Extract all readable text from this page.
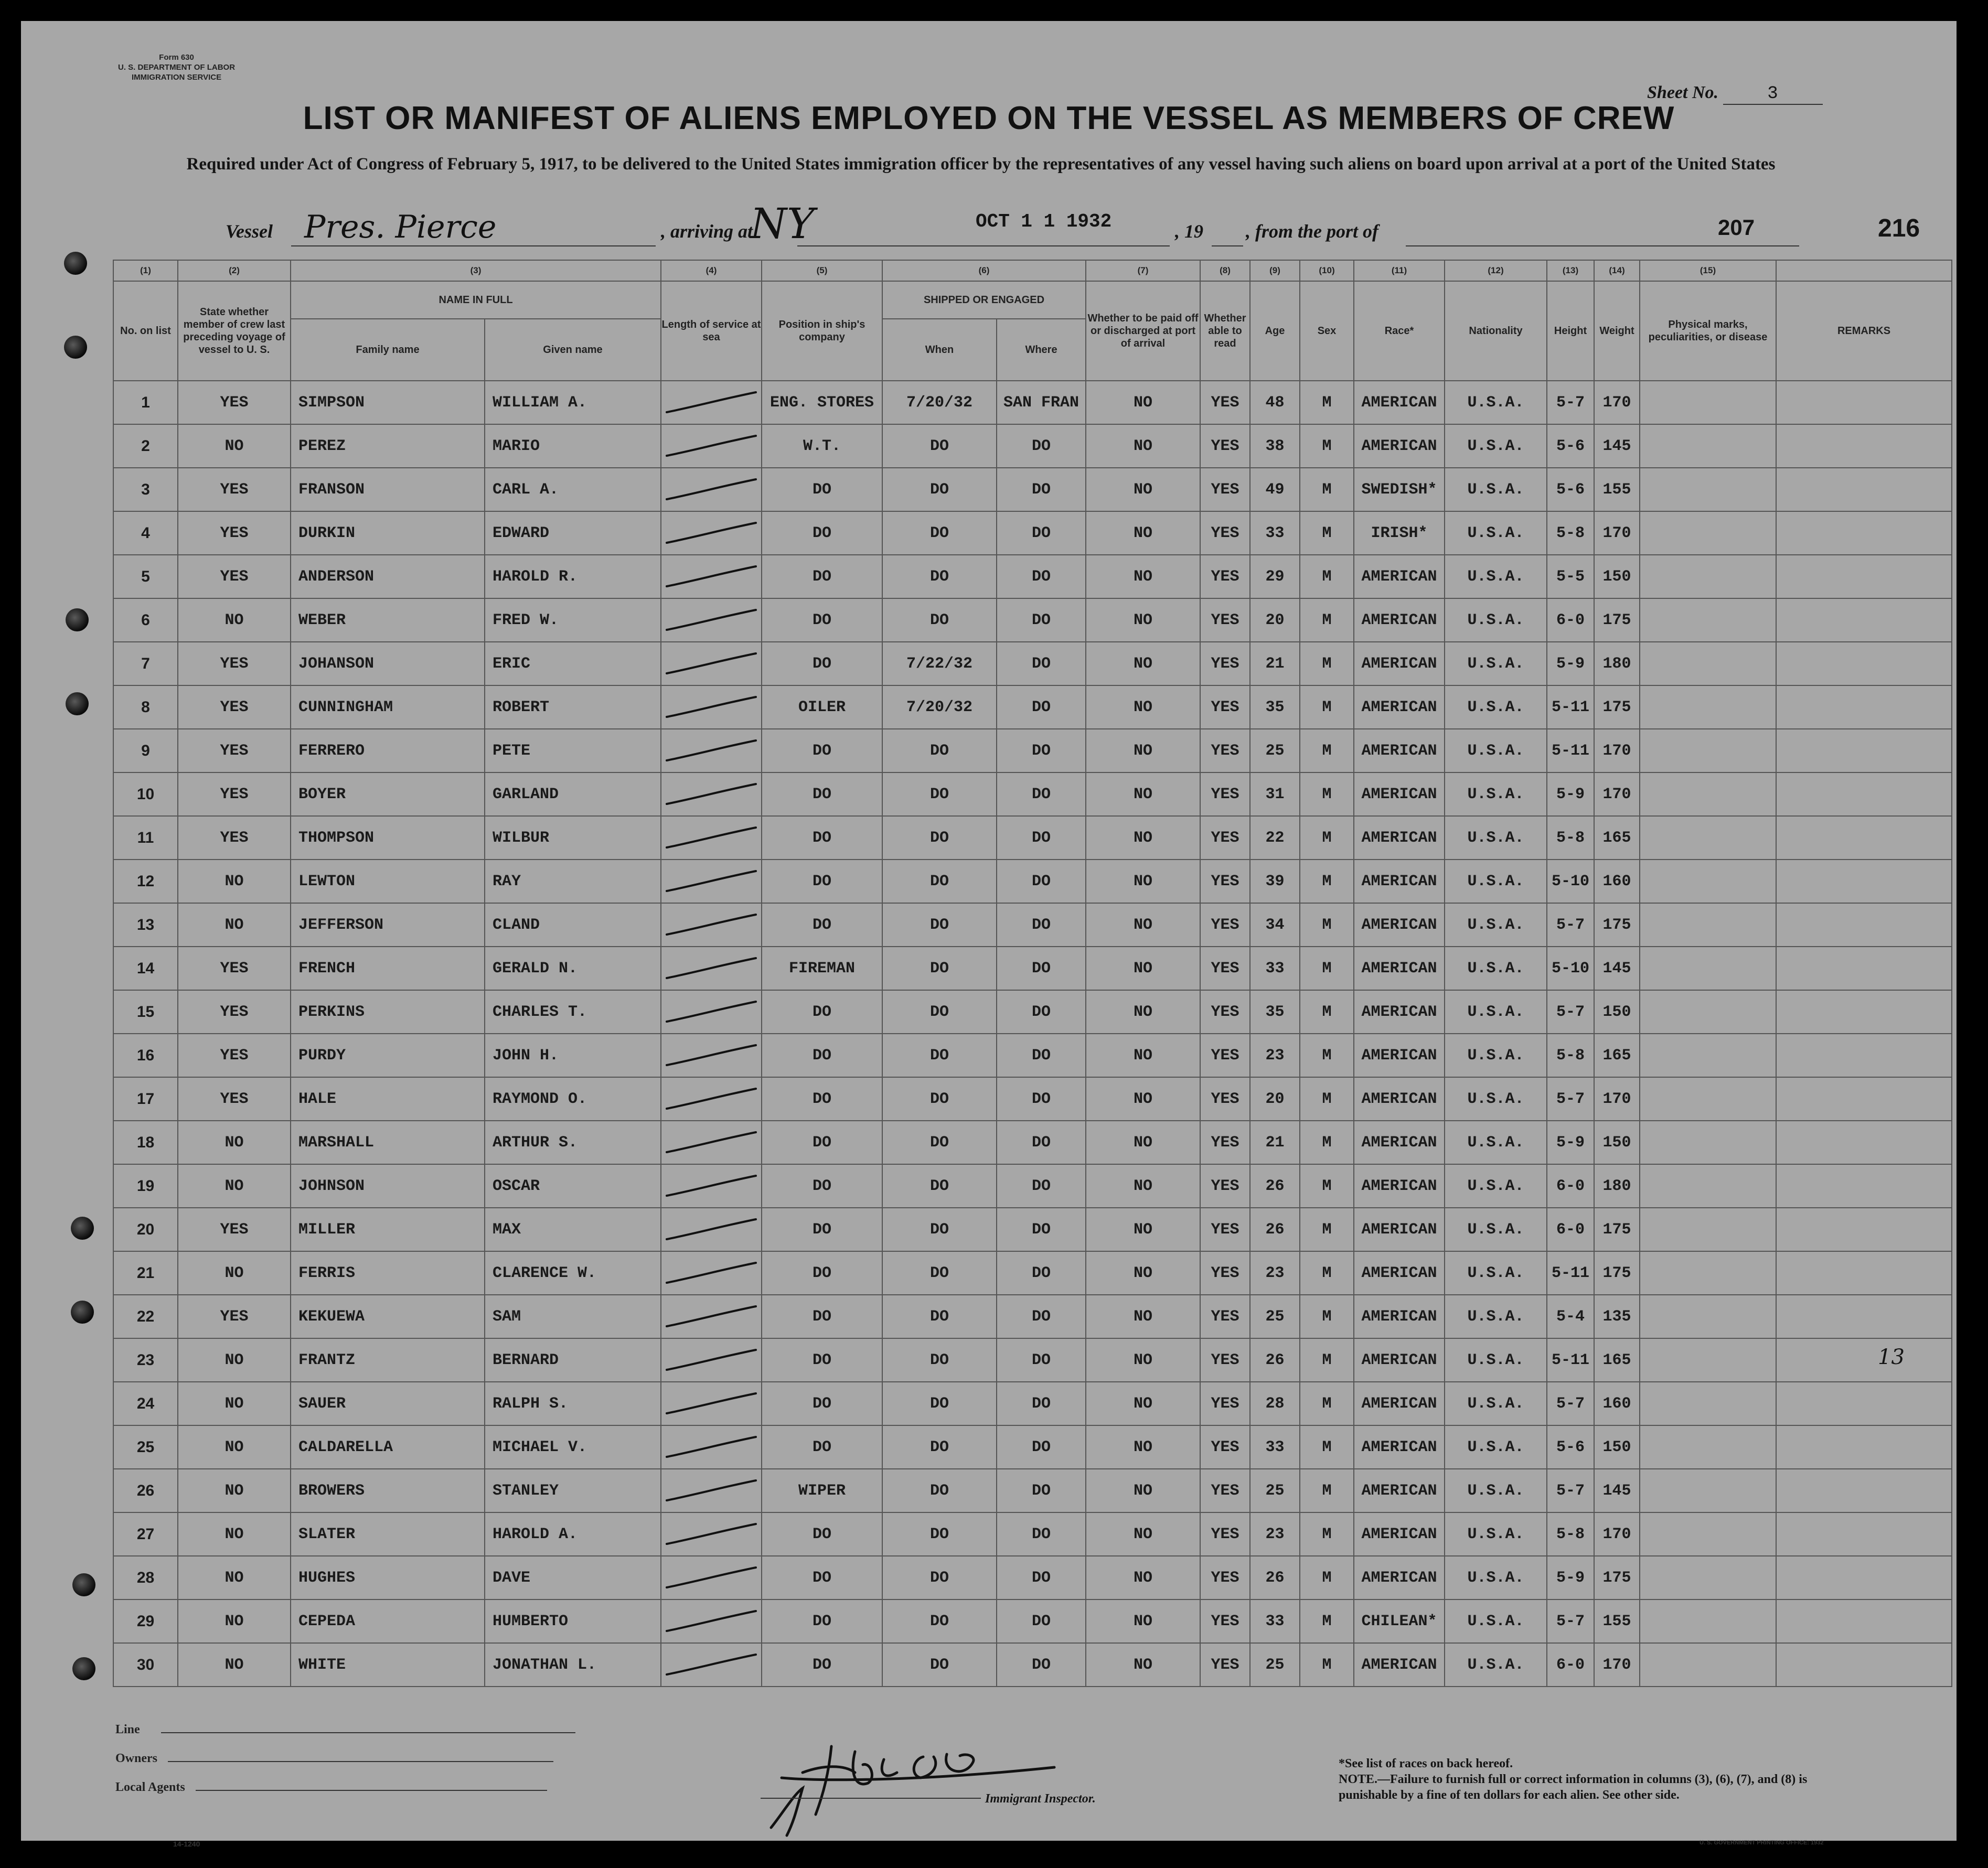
Form 630
U. S. DEPARTMENT OF LABOR
IMMIGRATION SERVICE
Sheet No.	3
LIST OR MANIFEST OF ALIENS EMPLOYED ON THE VESSEL AS MEMBERS OF CREW
Required under Act of Congress of February 5, 1917, to be delivered to the United States immigration officer by the representatives of any vessel having such aliens on board upon arrival at a port of the United States
Vessel Pres. Pierce	, arriving at
NY	OCT 1 1 1932	, 19 , from the port of	207	216
13
(1)	(2)	(3)		(4)	(5)	(6)		(7)	(8)	(9)	(10)	(11)	(12)	(13)	(14)	(15)	
No. on list	State whether member of crew last preceding voyage of vessel to U. S.	NAME IN FULL		Length of service at sea	Position in ship's company	SHIPPED OR ENGAGED		Whether to be paid off or discharged at port of arrival	Whether able to read	Age	Sex	Race*	Nationality	Height	Weight	Physical marks, peculiarities, or disease	REMARKS
		Family name	Given name			When	Where										
1	YES	SIMPSON	WILLIAM A.		ENG. STORES	7/20/32	SAN FRAN	NO	YES	48	M	AMERICAN	U.S.A.	5-7	170		
2	NO	PEREZ	MARIO		W.T.	DO	DO	NO	YES	38	M	AMERICAN	U.S.A.	5-6	145		
3	YES	FRANSON	CARL A.		DO	DO	DO	NO	YES	49	M	SWEDISH*	U.S.A.	5-6	155		
4	YES	DURKIN	EDWARD		DO	DO	DO	NO	YES	33	M	IRISH*	U.S.A.	5-8	170		
5	YES	ANDERSON	HAROLD R.		DO	DO	DO	NO	YES	29	M	AMERICAN	U.S.A.	5-5	150		
6	NO	WEBER	FRED W.		DO	DO	DO	NO	YES	20	M	AMERICAN	U.S.A.	6-0	175		
7	YES	JOHANSON	ERIC		DO	7/22/32	DO	NO	YES	21	M	AMERICAN	U.S.A.	5-9	180		
8	YES	CUNNINGHAM	ROBERT		OILER	7/20/32	DO	NO	YES	35	M	AMERICAN	U.S.A.	5-11	175		
9	YES	FERRERO	PETE		DO	DO	DO	NO	YES	25	M	AMERICAN	U.S.A.	5-11	170		
10	YES	BOYER	GARLAND		DO	DO	DO	NO	YES	31	M	AMERICAN	U.S.A.	5-9	170		
11	YES	THOMPSON	WILBUR		DO	DO	DO	NO	YES	22	M	AMERICAN	U.S.A.	5-8	165		
12	NO	LEWTON	RAY		DO	DO	DO	NO	YES	39	M	AMERICAN	U.S.A.	5-10	160		
13	NO	JEFFERSON	CLAND		DO	DO	DO	NO	YES	34	M	AMERICAN	U.S.A.	5-7	175		
14	YES	FRENCH	GERALD N.		FIREMAN	DO	DO	NO	YES	33	M	AMERICAN	U.S.A.	5-10	145		
15	YES	PERKINS	CHARLES T.		DO	DO	DO	NO	YES	35	M	AMERICAN	U.S.A.	5-7	150		
16	YES	PURDY	JOHN H.		DO	DO	DO	NO	YES	23	M	AMERICAN	U.S.A.	5-8	165		
17	YES	HALE	RAYMOND O.		DO	DO	DO	NO	YES	20	M	AMERICAN	U.S.A.	5-7	170		
18	NO	MARSHALL	ARTHUR S.		DO	DO	DO	NO	YES	21	M	AMERICAN	U.S.A.	5-9	150		
19	NO	JOHNSON	OSCAR		DO	DO	DO	NO	YES	26	M	AMERICAN	U.S.A.	6-0	180		
20	YES	MILLER	MAX		DO	DO	DO	NO	YES	26	M	AMERICAN	U.S.A.	6-0	175		
21	NO	FERRIS	CLARENCE W.		DO	DO	DO	NO	YES	23	M	AMERICAN	U.S.A.	5-11	175		
22	YES	KEKUEWA	SAM		DO	DO	DO	NO	YES	25	M	AMERICAN	U.S.A.	5-4	135		
23	NO	FRANTZ	BERNARD		DO	DO	DO	NO	YES	26	M	AMERICAN	U.S.A.	5-11	165		
24	NO	SAUER	RALPH S.		DO	DO	DO	NO	YES	28	M	AMERICAN	U.S.A.	5-7	160		
25	NO	CALDARELLA	MICHAEL V.		DO	DO	DO	NO	YES	33	M	AMERICAN	U.S.A.	5-6	150		
26	NO	BROWERS	STANLEY		WIPER	DO	DO	NO	YES	25	M	AMERICAN	U.S.A.	5-7	145		
27	NO	SLATER	HAROLD A.		DO	DO	DO	NO	YES	23	M	AMERICAN	U.S.A.	5-8	170		
28	NO	HUGHES	DAVE		DO	DO	DO	NO	YES	26	M	AMERICAN	U.S.A.	5-9	175		
29	NO	CEPEDA	HUMBERTO		DO	DO	DO	NO	YES	33	M	CHILEAN*	U.S.A.	5-7	155		
30	NO	WHITE	JONATHAN L.		DO	DO	DO	NO	YES	25	M	AMERICAN	U.S.A.	6-0	170		
Line
Owners
Local Agents
14-1240
Immigrant Inspector.
*See list of races on back hereof.
NOTE.—Failure to furnish full or correct information in columns (3), (6), (7), and (8) is punishable by a fine of ten dollars for each alien. See other side.
U. S. GOVERNMENT PRINTING OFFICE: 1932
